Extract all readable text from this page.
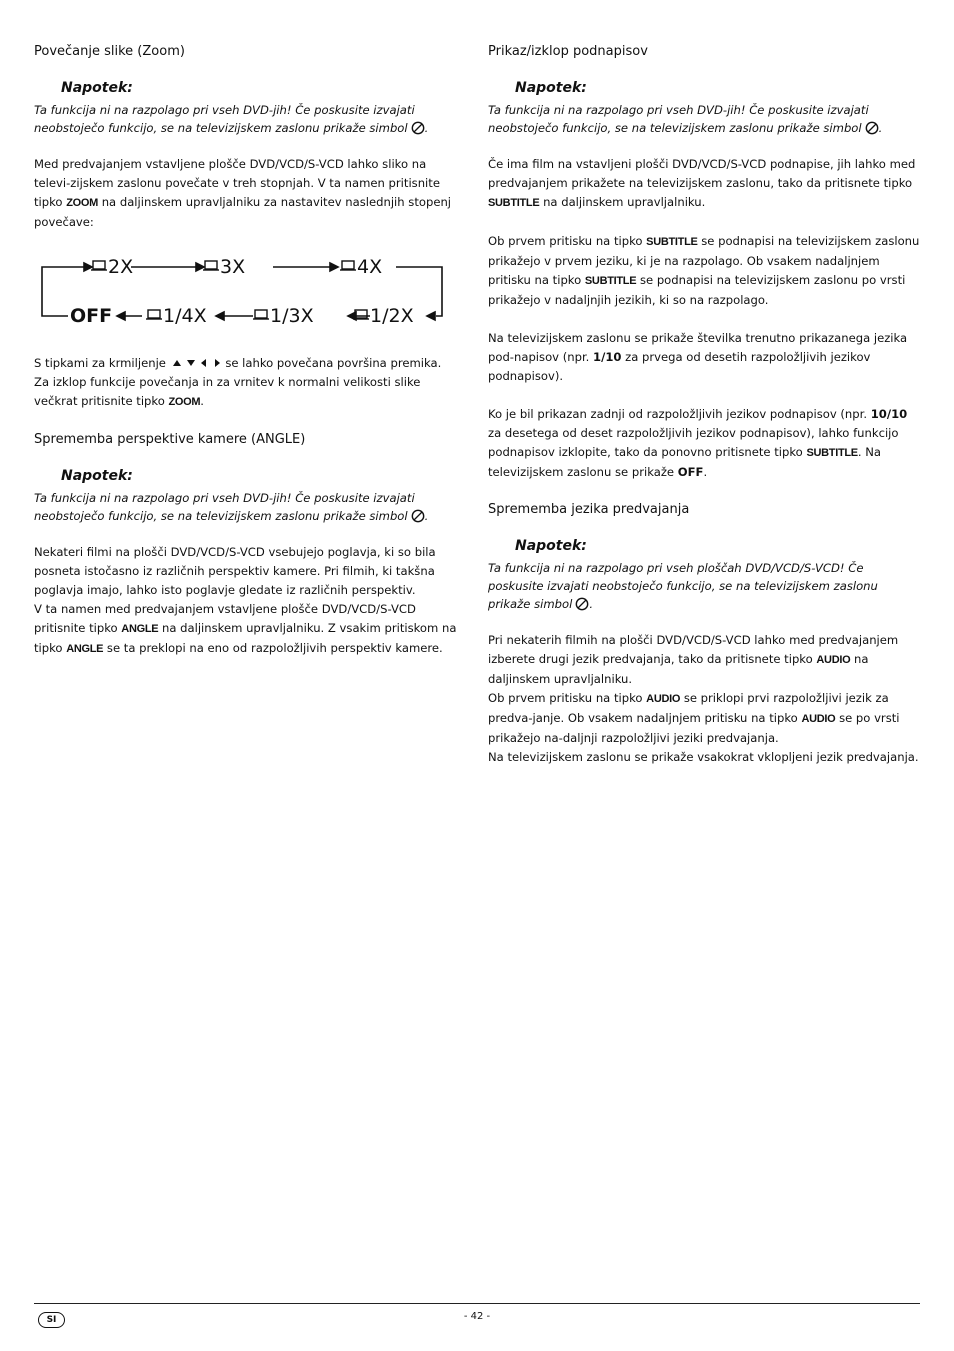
Povečanje slike (Zoom)
Napotek:

Ta funkcija ni na razpolago pri vseh DVD-jih! Če poskusite izvajati neobstoječo funkcijo, se na televizijskem zaslonu prikaže simbol .

Med predvajanjem vstavljene plošče DVD/VCD/S-VCD lahko sliko na televi-zijskem zaslonu povečate v treh stopnjah. V ta namen pritisnite tipko ZOOM na daljinskem upravljalniku za nastavitev naslednjih stopenj povečave:

2X	3X	4X
OFF	1/4X	1/3X	1/2X

S tipkami za krmiljenje	se lahko povečana površina premika.

Za izklop funkcije povečanja in za vrnitev k normalni velikosti slike večkrat pritisnite tipko ZOOM.

Sprememba perspektive kamere (ANGLE)
Napotek:

Ta funkcija ni na razpolago pri vseh DVD-jih! Če poskusite izvajati neobstoječo funkcijo, se na televizijskem zaslonu prikaže simbol .

Nekateri filmi na plošči DVD/VCD/S-VCD vsebujejo poglavja, ki so bila posneta istočasno iz različnih perspektiv kamere. Pri filmih, ki takšna poglavja imajo, lahko isto poglavje gledate iz različnih perspektiv.

V ta namen med predvajanjem vstavljene plošče DVD/VCD/S-VCD pritisnite tipko ANGLE na daljinskem upravljalniku. Z vsakim pritiskom na tipko ANGLE se ta preklopi na eno od razpoložljivih perspektiv kamere.

Prikaz/izklop podnapisov
Napotek:

Ta funkcija ni na razpolago pri vseh DVD-jih! Če poskusite izvajati neobstoječo funkcijo, se na televizijskem zaslonu prikaže simbol .

Če ima film na vstavljeni plošči DVD/VCD/S-VCD podnapise, jih lahko med predvajanjem prikažete na televizijskem zaslonu, tako da pritisnete tipko SUBTITLE na daljinskem upravljalniku.

Ob prvem pritisku na tipko SUBTITLE se podnapisi na televizijskem zaslonu prikažejo v prvem jeziku, ki je na razpolago. Ob vsakem nadaljnjem pritisku na tipko SUBTITLE se podnapisi na televizijskem zaslonu po vrsti prikažejo v nadaljnjih jezikih, ki so na razpolago.

Na televizijskem zaslonu se prikaže številka trenutno prikazanega jezika pod-napisov (npr. 1/10 za prvega od desetih razpoložljivih jezikov podnapisov).

Ko je bil prikazan zadnji od razpoložljivih jezikov podnapisov (npr. 10/10 za desetega od deset razpoložljivih jezikov podnapisov), lahko funkcijo podnapisov izklopite, tako da ponovno pritisnete tipko SUBTITLE. Na televizijskem zaslonu se prikaže OFF.

Sprememba jezika predvajanja
Napotek:

Ta funkcija ni na razpolago pri vseh ploščah DVD/VCD/S-VCD! Če poskusite izvajati neobstoječo funkcijo, se na televizijskem zaslonu prikaže simbol .

Pri nekaterih filmih na plošči DVD/VCD/S-VCD lahko med predvajanjem izberete drugi jezik predvajanja, tako da pritisnete tipko AUDIO na daljinskem upravljalniku.

Ob prvem pritisku na tipko AUDIO se priklopi prvi razpoložljivi jezik za predva-janje. Ob vsakem nadaljnjem pritisku na tipko AUDIO se po vrsti prikažejo na-daljnji razpoložljivi jeziki predvajanja.

Na televizijskem zaslonu se prikaže vsakokrat vklopljeni jezik predvajanja.

SI	- 42 -
